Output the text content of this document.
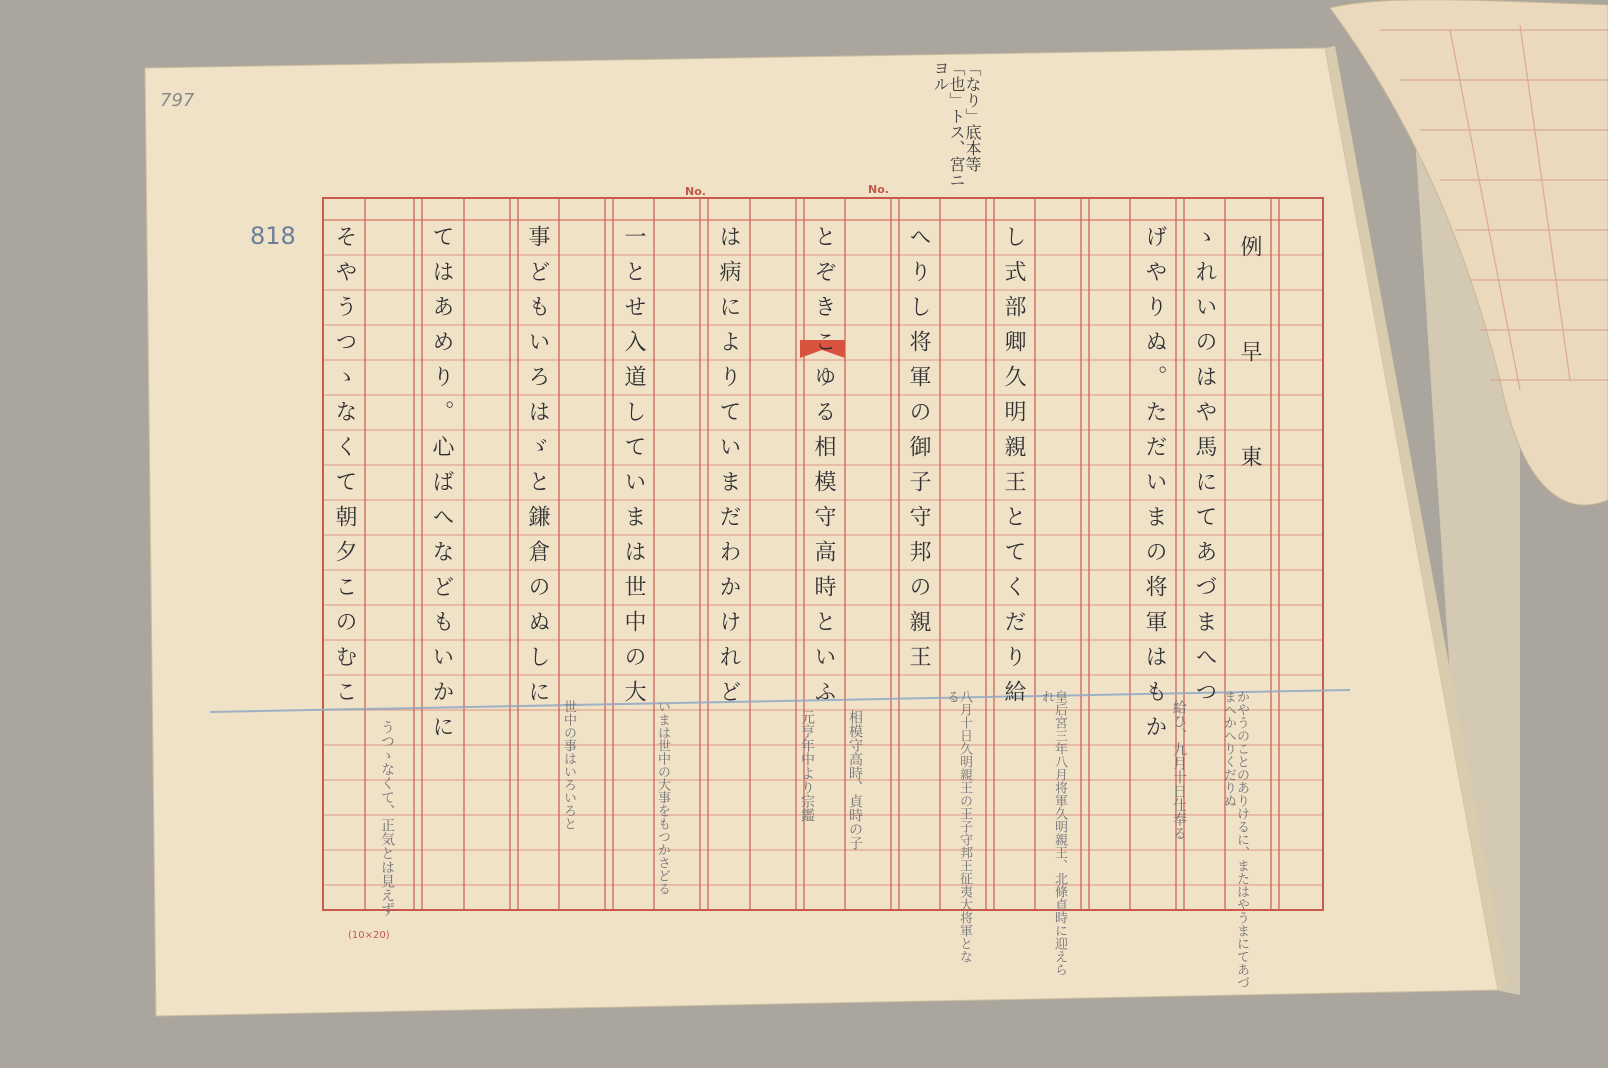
818
797
(10×20)
No.	No.
「なり」底本等「也」トス、宮ニヨル
例　　早　　東
ゝれいのはや馬にてあづまへつ
げやりぬ。ただいまの将軍はもか
し式部卿久明親王とてくだり給
へりし将軍の御子守邦の親王
とぞきこゆる相模守高時といふ
は病によりていまだわかけれど
一とせ入道していまは世中の大
事どもいろはゞと鎌倉のぬしに
てはあめり。心ばへなどもいかに
そやうつゝなくて朝夕このむこ
かやうのことのありけるに、またはやうまにてあづまへかへりくだりぬ
給ひ、九月十日仕奉る
皇后宮三年八月将軍久明親王、北條貞時に迎えられ
八月十日久明親王の王子守邦王征夷大将軍となる
相模守高時、貞時の子
元亨年中より宗鑑
いまは世中の大事をもつかさどる
世中の事はいろいろと
うつゝなくて、正気とは見えず
